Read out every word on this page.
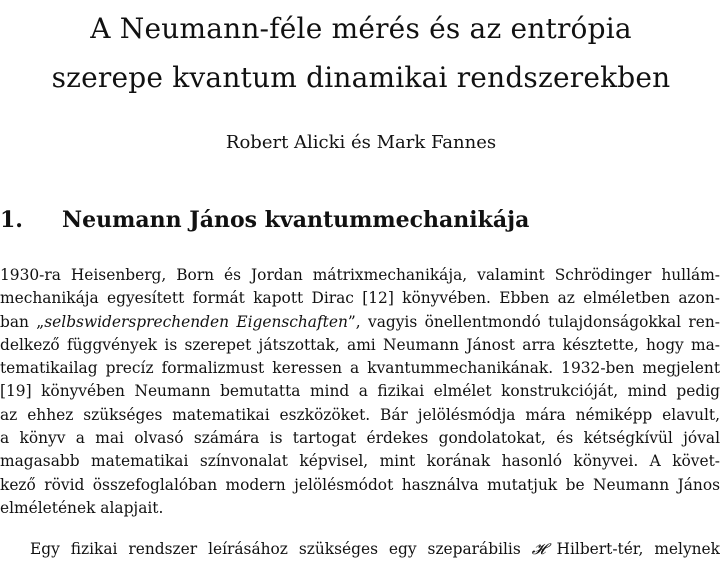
A Neumann-féle mérés és az entrópia
szerepe kvantum dinamikai rendszerekben
Robert Alicki és Mark Fannes
1. Neumann János kvantummechanikája
1930-ra Heisenberg, Born és Jordan mátrixmechanikája, valamint Schrödinger hullám-
mechanikája egyesített formát kapott Dirac [12] könyvében. Ebben az elméletben azon-
ban „selbswidersprechenden Eigenschaften”, vagyis önellentmondó tulajdonságokkal ren-
delkező függvények is szerepet játszottak, ami Neumann Jánost arra késztette, hogy ma-
tematikailag precíz formalizmust keressen a kvantummechanikának. 1932-ben megjelent
[19] könyvében Neumann bemutatta mind a fizikai elmélet konstrukcióját, mind pedig
az ehhez szükséges matematikai eszközöket. Bár jelölésmódja mára némiképp elavult,
a könyv a mai olvasó számára is tartogat érdekes gondolatokat, és kétségkívül jóval
magasabb matematikai színvonalat képvisel, mint korának hasonló könyvei. A követ-
kező rövid összefoglalóban modern jelölésmódot használva mutatjuk be Neumann János
elméletének alapjait.
Egy fizikai rendszer leírásához szükséges egy szeparábilis 𝓗 Hilbert-tér, melynek
